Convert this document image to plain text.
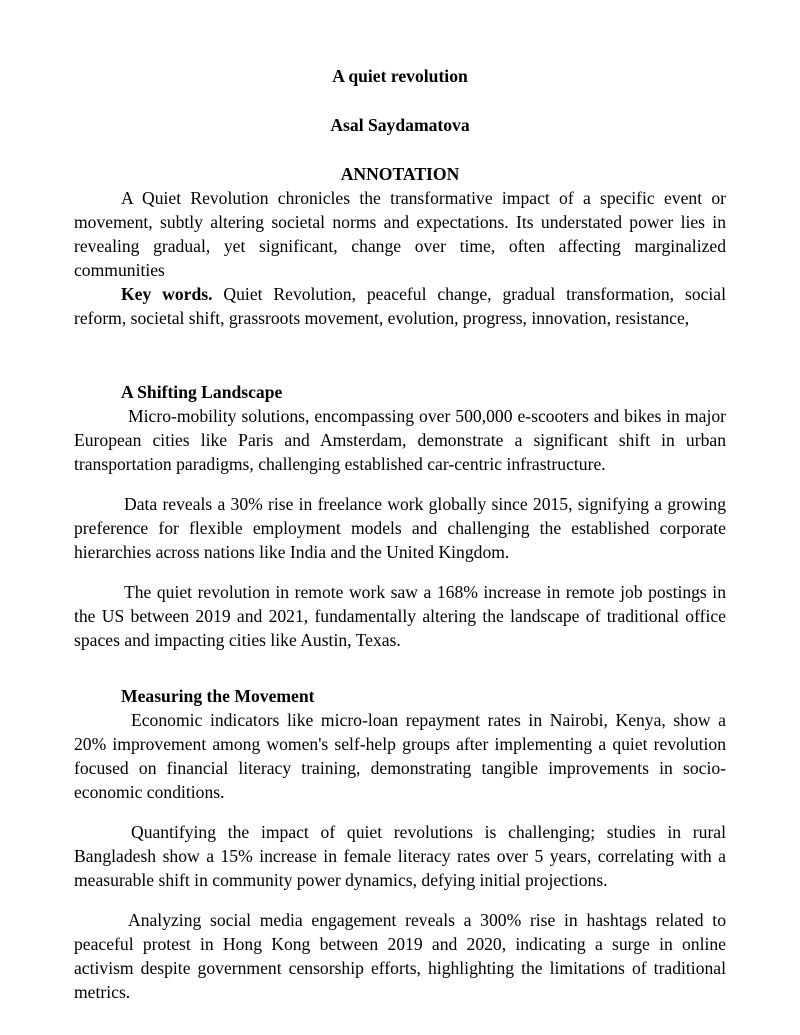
A quiet revolution
Asal Saydamatova
ANNOTATION

A Quiet Revolution chronicles the transformative impact of a specific event or movement, subtly altering societal norms and expectations. Its understated power lies in revealing gradual, yet significant, change over time, often affecting marginalized communities

Key words. Quiet Revolution, peaceful change, gradual transformation, social reform, societal shift, grassroots movement, evolution, progress, innovation, resistance,

A Shifting Landscape

Micro-mobility solutions, encompassing over 500,000 e-scooters and bikes in major European cities like Paris and Amsterdam, demonstrate a significant shift in urban transportation paradigms, challenging established car-centric infrastructure.

Data reveals a 30% rise in freelance work globally since 2015, signifying a growing preference for flexible employment models and challenging the established corporate hierarchies across nations like India and the United Kingdom.

The quiet revolution in remote work saw a 168% increase in remote job postings in the US between 2019 and 2021, fundamentally altering the landscape of traditional office spaces and impacting cities like Austin, Texas.

Measuring the Movement

Economic indicators like micro-loan repayment rates in Nairobi, Kenya, show a 20% improvement among women's self-help groups after implementing a quiet revolution focused on financial literacy training, demonstrating tangible improvements in socio-economic conditions.

Quantifying the impact of quiet revolutions is challenging; studies in rural Bangladesh show a 15% increase in female literacy rates over 5 years, correlating with a measurable shift in community power dynamics, defying initial projections.

Analyzing social media engagement reveals a 300% rise in hashtags related to peaceful protest in Hong Kong between 2019 and 2020, indicating a surge in online activism despite government censorship efforts, highlighting the limitations of traditional metrics.
